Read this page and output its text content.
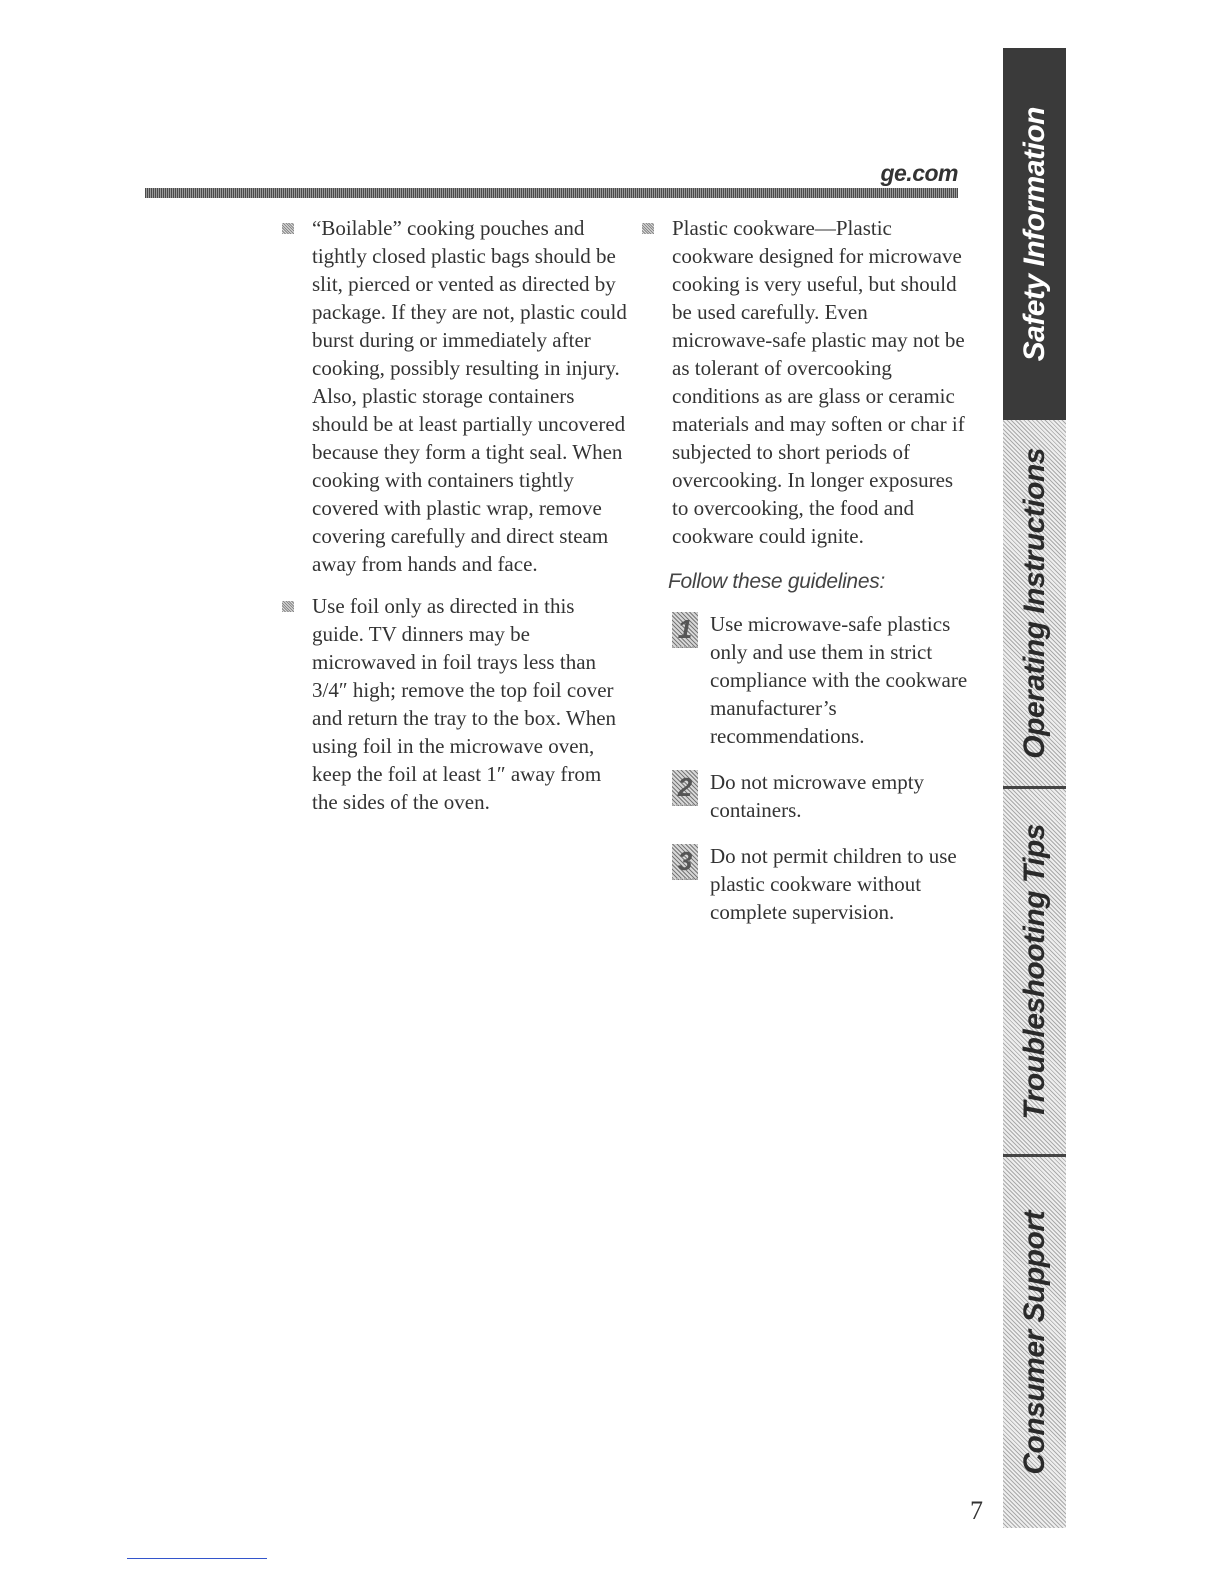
ge.com

“Boilable” cooking pouches and tightly closed plastic bags should be slit, pierced or vented as directed by package. If they are not, plastic could burst during or immediately after cooking, possibly resulting in injury. Also, plastic storage containers should be at least partially uncovered because they form a tight seal. When cooking with containers tightly covered with plastic wrap, remove covering carefully and direct steam away from hands and face.

Use foil only as directed in this guide. TV dinners may be microwaved in foil trays less than 3/4″ high; remove the top foil cover and return the tray to the box. When using foil in the microwave oven, keep the foil at least 1″ away from the sides of the oven.

Plastic cookware—Plastic cookware designed for microwave cooking is very useful, but should be used carefully. Even microwave-safe plastic may not be as tolerant of overcooking conditions as are glass or ceramic materials and may soften or char if subjected to short periods of overcooking. In longer exposures to overcooking, the food and cookware could ignite.

Follow these guidelines:
1 Use microwave-safe plastics only and use them in strict compliance with the cookware manufacturer’s recommendations.
2 Do not microwave empty containers.
3 Do not permit children to use plastic cookware without complete supervision.
Safety Information
Operating Instructions
Troubleshooting Tips
Consumer Support
7
